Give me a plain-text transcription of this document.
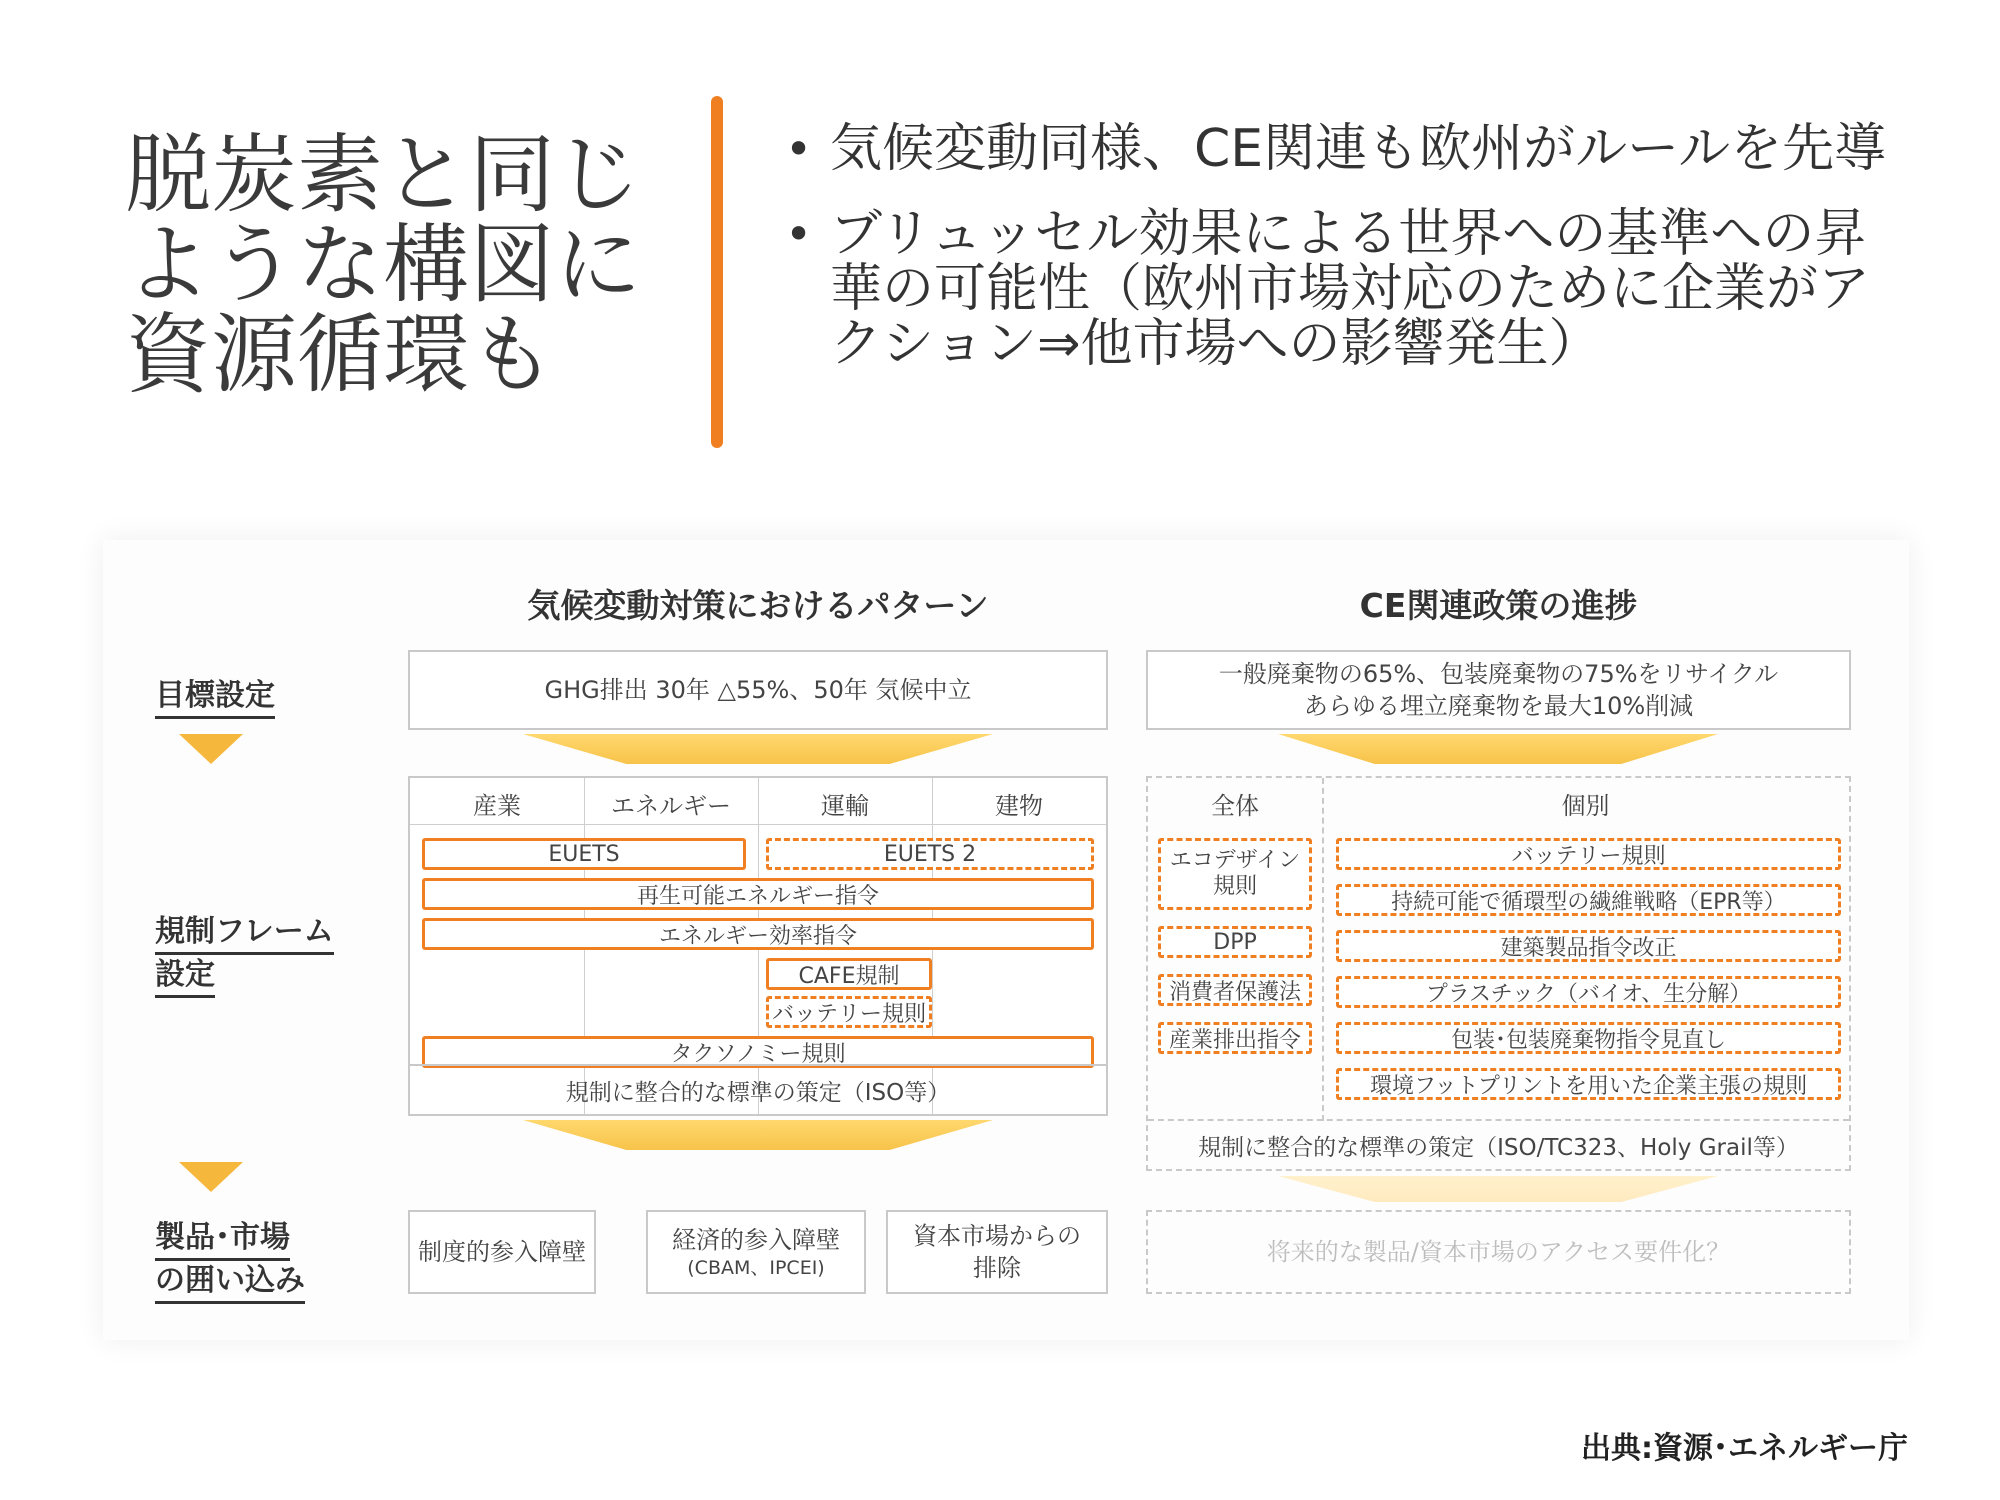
脱炭素と同じ
ような構図に
資源循環も
• 気候変動同様、CE関連も欧州がルールを先導
• ブリュッセル効果による世界への基準への昇華の可能性（欧州市場対応のために企業がアクション⇒他市場への影響発生）
気候変動対策におけるパターン	CE関連政策の進捗
目標設定
規制フレーム
設定
製品･市場
の囲い込み
GHG排出 30年 △55%、50年 気候中立
産業	エネルギー	運輸	建物
EUETS	EUETS 2
再生可能エネルギー指令
エネルギー効率指令
CAFE規制
バッテリー規則
タクソノミー規則
規制に整合的な標準の策定（ISO等）
制度的参入障壁	経済的参入障壁
(CBAM、IPCEI)
資本市場からの
排除
一般廃棄物の65%、包装廃棄物の75%をリサイクル
あらゆる埋立廃棄物を最大10%削減
全体	個別
エコデザイン
規則
DPP
消費者保護法
産業排出指令
バッテリー規則
持続可能で循環型の繊維戦略（EPR等）
建築製品指令改正
プラスチック（バイオ、生分解）
包装･包装廃棄物指令見直し
環境フットプリントを用いた企業主張の規則
規制に整合的な標準の策定（ISO/TC323、Holy Grail等）
将来的な製品/資本市場のアクセス要件化？
出典:資源･エネルギー庁
